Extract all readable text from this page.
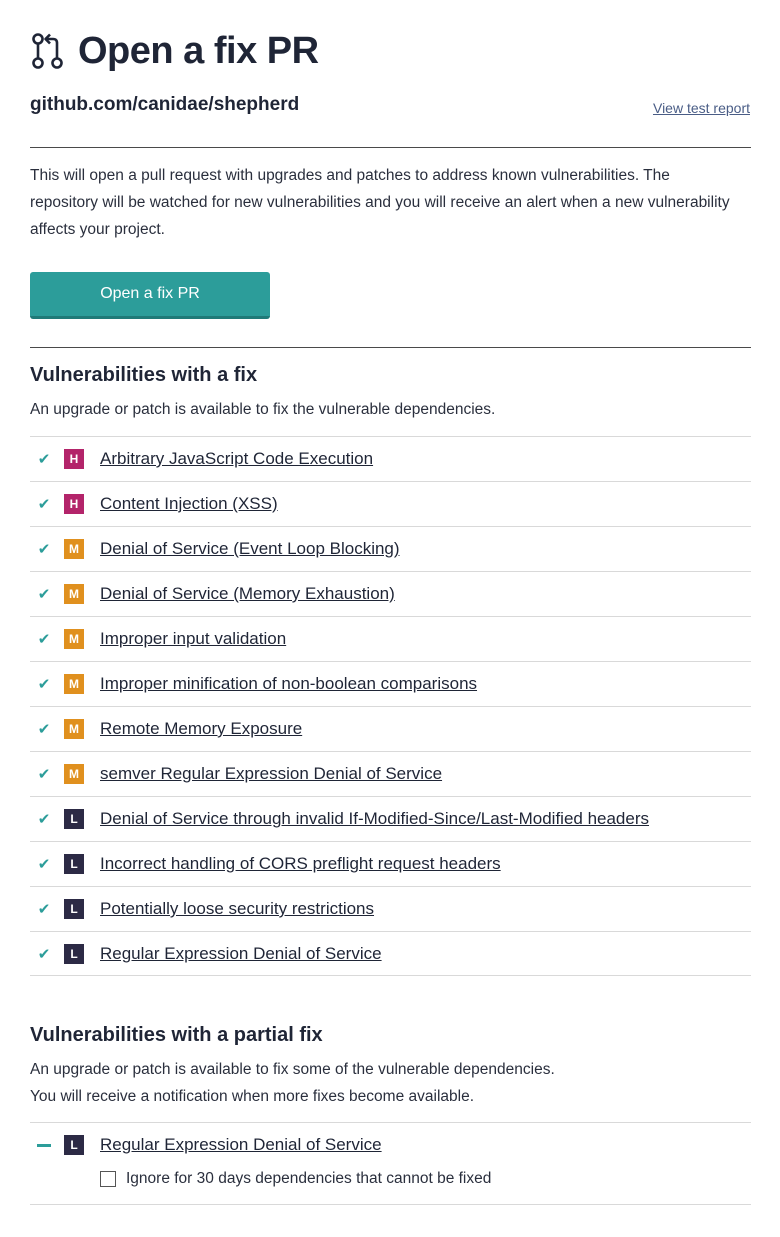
Open a fix PR
github.com/canidae/shepherd	View test report

This will open a pull request with upgrades and patches to address known vulnerabilities. The repository will be watched for new vulnerabilities and you will receive an alert when a new vulnerability affects your project.

Open a fix PR
Vulnerabilities with a fix

An upgrade or patch is available to fix the vulnerable dependencies.

✔	H	Arbitrary JavaScript Code Execution
✔	H	Content Injection (XSS)
✔	M Denial of Service (Event Loop Blocking)
✔	M Denial of Service (Memory Exhaustion)
✔	M Improper input validation
✔	M Improper minification of non-boolean comparisons
✔	M Remote Memory Exposure
✔	M semver Regular Expression Denial of Service
✔	L	Denial of Service through invalid If-Modified-Since/Last-Modified headers
✔	L	Incorrect handling of CORS preflight request headers
✔	L	Potentially loose security restrictions
✔	L	Regular Expression Denial of Service
Vulnerabilities with a partial fix

An upgrade or patch is available to fix some of the vulnerable dependencies.

You will receive a notification when more fixes become available.

L	Regular Expression Denial of Service
Ignore for 30 days dependencies that cannot be fixed
